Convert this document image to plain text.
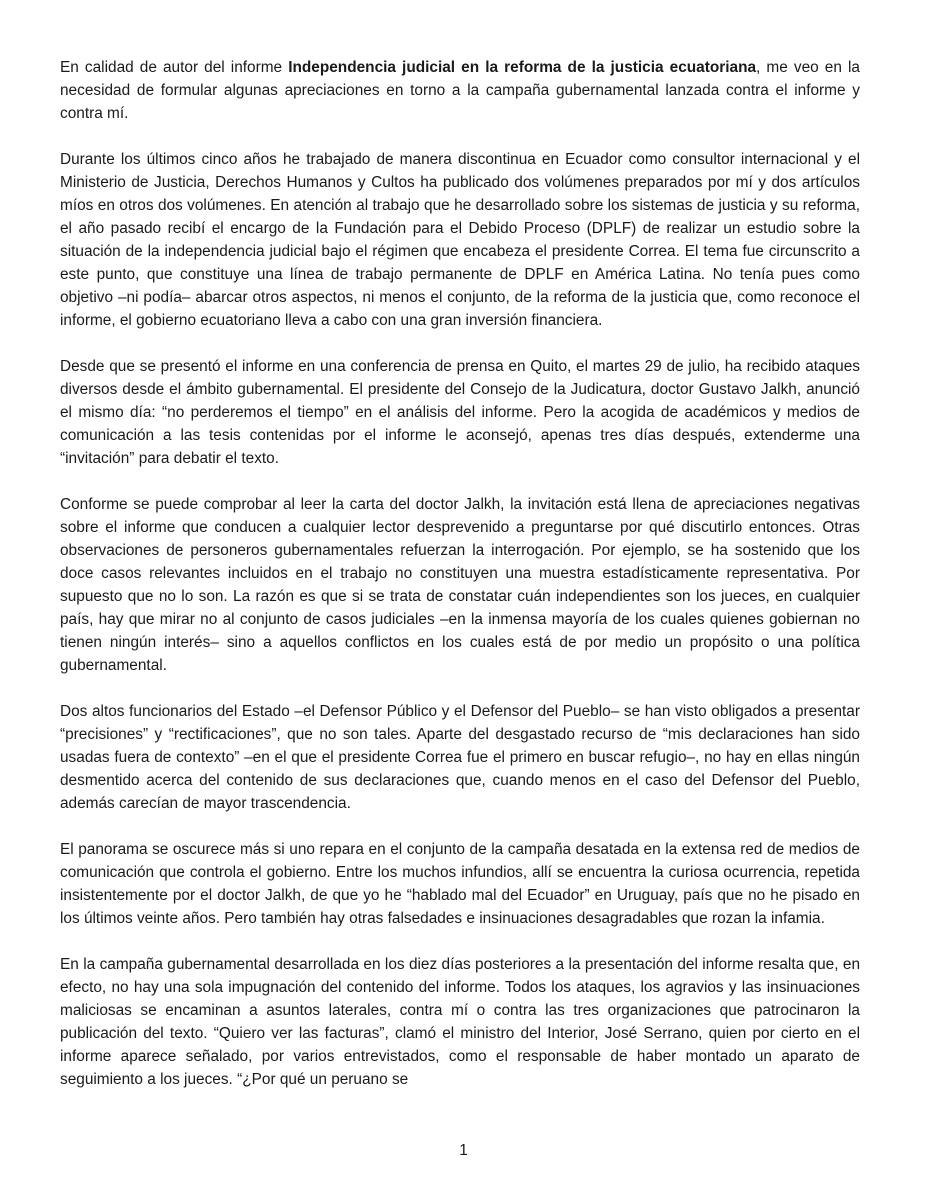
En calidad de autor del informe Independencia judicial en la reforma de la justicia ecuatoriana, me veo en la necesidad de formular algunas apreciaciones en torno a la campaña gubernamental lanzada contra el informe y contra mí.

Durante los últimos cinco años he trabajado de manera discontinua en Ecuador como consultor internacional y el Ministerio de Justicia, Derechos Humanos y Cultos ha publicado dos volúmenes preparados por mí y dos artículos míos en otros dos volúmenes. En atención al trabajo que he desarrollado sobre los sistemas de justicia y su reforma, el año pasado recibí el encargo de la Fundación para el Debido Proceso (DPLF) de realizar un estudio sobre la situación de la independencia judicial bajo el régimen que encabeza el presidente Correa. El tema fue circunscrito a este punto, que constituye una línea de trabajo permanente de DPLF en América Latina. No tenía pues como objetivo –ni podía– abarcar otros aspectos, ni menos el conjunto, de la reforma de la justicia que, como reconoce el informe, el gobierno ecuatoriano lleva a cabo con una gran inversión financiera.

Desde que se presentó el informe en una conferencia de prensa en Quito, el martes 29 de julio, ha recibido ataques diversos desde el ámbito gubernamental. El presidente del Consejo de la Judicatura, doctor Gustavo Jalkh, anunció el mismo día: “no perderemos el tiempo” en el análisis del informe. Pero la acogida de académicos y medios de comunicación a las tesis contenidas por el informe le aconsejó, apenas tres días después, extenderme una “invitación” para debatir el texto.

Conforme se puede comprobar al leer la carta del doctor Jalkh, la invitación está llena de apreciaciones negativas sobre el informe que conducen a cualquier lector desprevenido a preguntarse por qué discutirlo entonces. Otras observaciones de personeros gubernamentales refuerzan la interrogación. Por ejemplo, se ha sostenido que los doce casos relevantes incluidos en el trabajo no constituyen una muestra estadísticamente representativa. Por supuesto que no lo son. La razón es que si se trata de constatar cuán independientes son los jueces, en cualquier país, hay que mirar no al conjunto de casos judiciales –en la inmensa mayoría de los cuales quienes gobiernan no tienen ningún interés– sino a aquellos conflictos en los cuales está de por medio un propósito o una política gubernamental.

Dos altos funcionarios del Estado –el Defensor Público y el Defensor del Pueblo– se han visto obligados a presentar “precisiones” y “rectificaciones”, que no son tales. Aparte del desgastado recurso de “mis declaraciones han sido usadas fuera de contexto” –en el que el presidente Correa fue el primero en buscar refugio–, no hay en ellas ningún desmentido acerca del contenido de sus declaraciones que, cuando menos en el caso del Defensor del Pueblo, además carecían de mayor trascendencia.

El panorama se oscurece más si uno repara en el conjunto de la campaña desatada en la extensa red de medios de comunicación que controla el gobierno. Entre los muchos infundios, allí se encuentra la curiosa ocurrencia, repetida insistentemente por el doctor Jalkh, de que yo he “hablado mal del Ecuador” en Uruguay, país que no he pisado en los últimos veinte años. Pero también hay otras falsedades e insinuaciones desagradables que rozan la infamia.

En la campaña gubernamental desarrollada en los diez días posteriores a la presentación del informe resalta que, en efecto, no hay una sola impugnación del contenido del informe. Todos los ataques, los agravios y las insinuaciones maliciosas se encaminan a asuntos laterales, contra mí o contra las tres organizaciones que patrocinaron la publicación del texto. “Quiero ver las facturas”, clamó el ministro del Interior, José Serrano, quien por cierto en el informe aparece señalado, por varios entrevistados, como el responsable de haber montado un aparato de seguimiento a los jueces. “¿Por qué un peruano se

1
